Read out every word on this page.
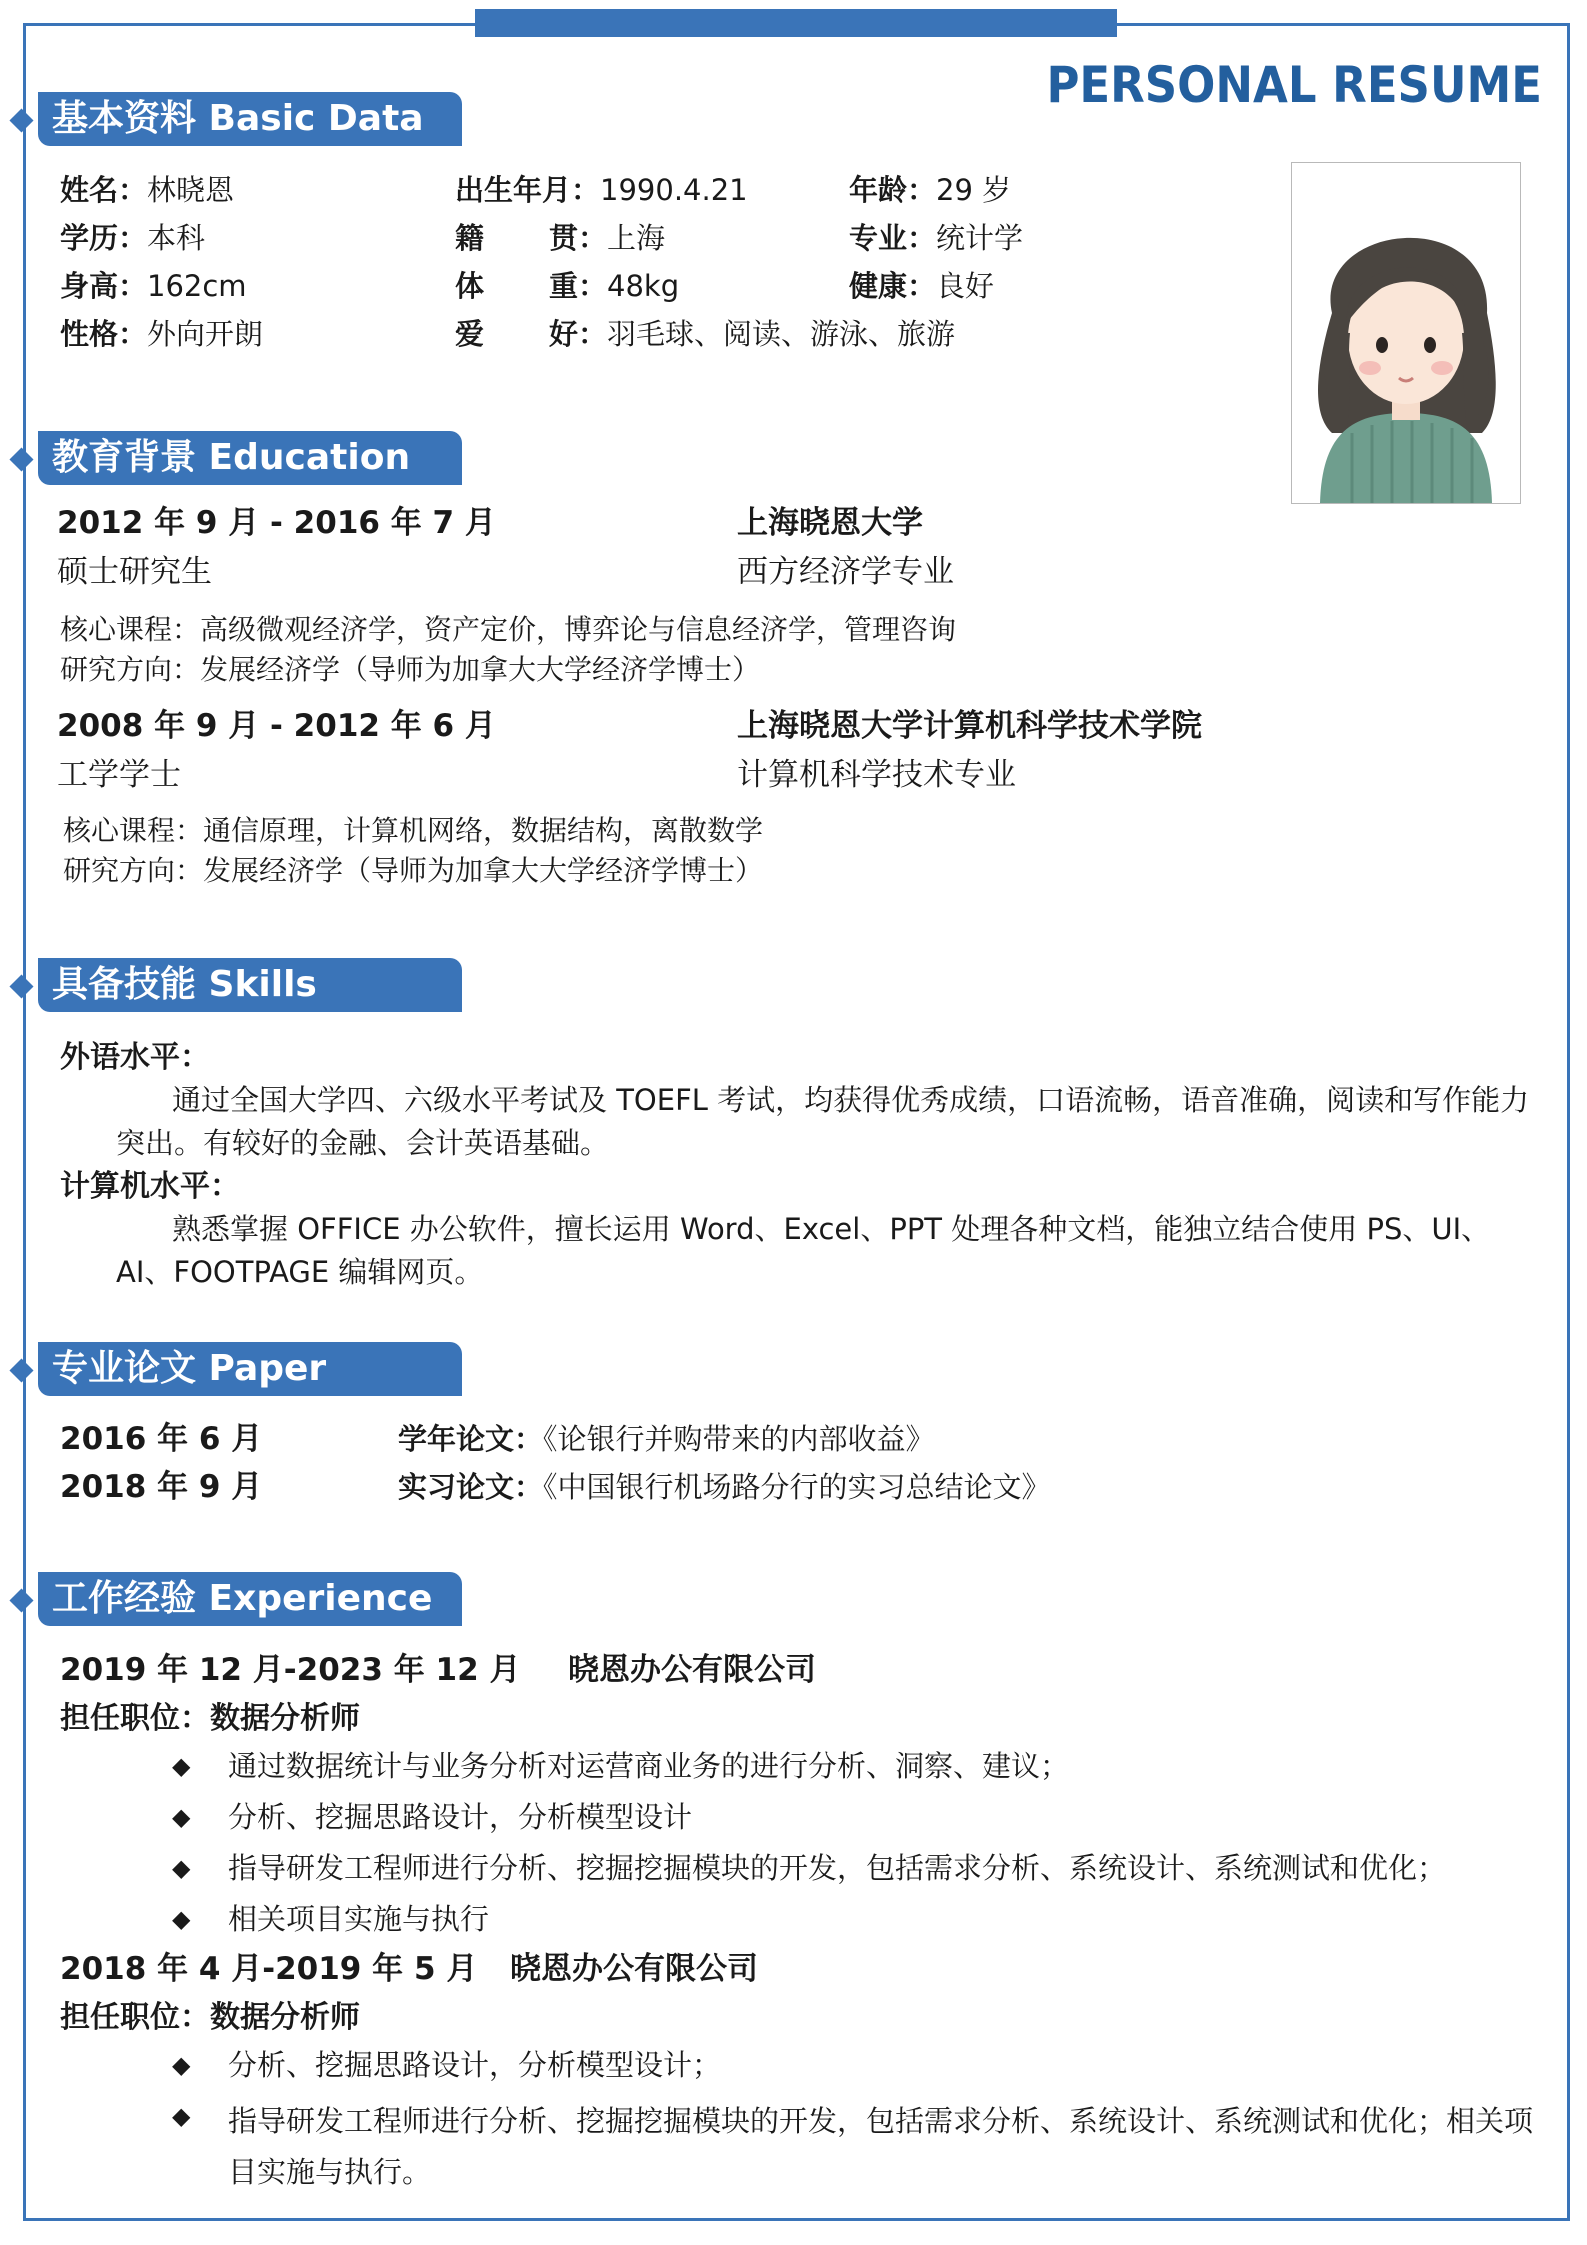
PERSONAL RESUME
基本资料 Basic Data
姓名：林晓恩	出生年月：1990.4.21	年龄：29 岁
学历：本科	籍 贯：上海	专业：统计学
身高：162cm	体 重：48kg	健康：良好
性格：外向开朗	爱 好：羽毛球、阅读、游泳、旅游
教育背景 Education
2012 年 9 月 - 2016 年 7 月	上海晓恩大学
硕士研究生	西方经济学专业
核心课程：高级微观经济学，资产定价，博弈论与信息经济学，管理咨询
研究方向：发展经济学（导师为加拿大大学经济学博士）
2008 年 9 月 - 2012 年 6 月	上海晓恩大学计算机科学技术学院
工学学士	计算机科学技术专业
核心课程：通信原理，计算机网络，数据结构，离散数学
研究方向：发展经济学（导师为加拿大大学经济学博士）
具备技能 Skills
外语水平：
通过全国大学四、六级水平考试及 TOEFL 考试，均获得优秀成绩，口语流畅，语音准确，阅读和写作能力突出。有较好的金融、会计英语基础。
计算机水平：
熟悉掌握 OFFICE 办公软件，擅长运用 Word、Excel、PPT 处理各种文档，能独立结合使用 PS、UI、AI、FOOTPAGE 编辑网页。
专业论文 Paper
2016 年 6 月	学年论文：《论银行并购带来的内部收益》
2018 年 9 月	实习论文：《中国银行机场路分行的实习总结论文》
工作经验 Experience
2019 年 12 月-2023 年 12 月 晓恩办公有限公司
担任职位：数据分析师
◆ 通过数据统计与业务分析对运营商业务的进行分析、洞察、建议；
◆ 分析、挖掘思路设计，分析模型设计
◆ 指导研发工程师进行分析、挖掘挖掘模块的开发，包括需求分析、系统设计、系统测试和优化；
◆ 相关项目实施与执行
2018 年 4 月-2019 年 5 月 晓恩办公有限公司
担任职位：数据分析师
◆ 分析、挖掘思路设计，分析模型设计；
◆ 指导研发工程师进行分析、挖掘挖掘模块的开发，包括需求分析、系统设计、系统测试和优化；相关项目实施与执行。
